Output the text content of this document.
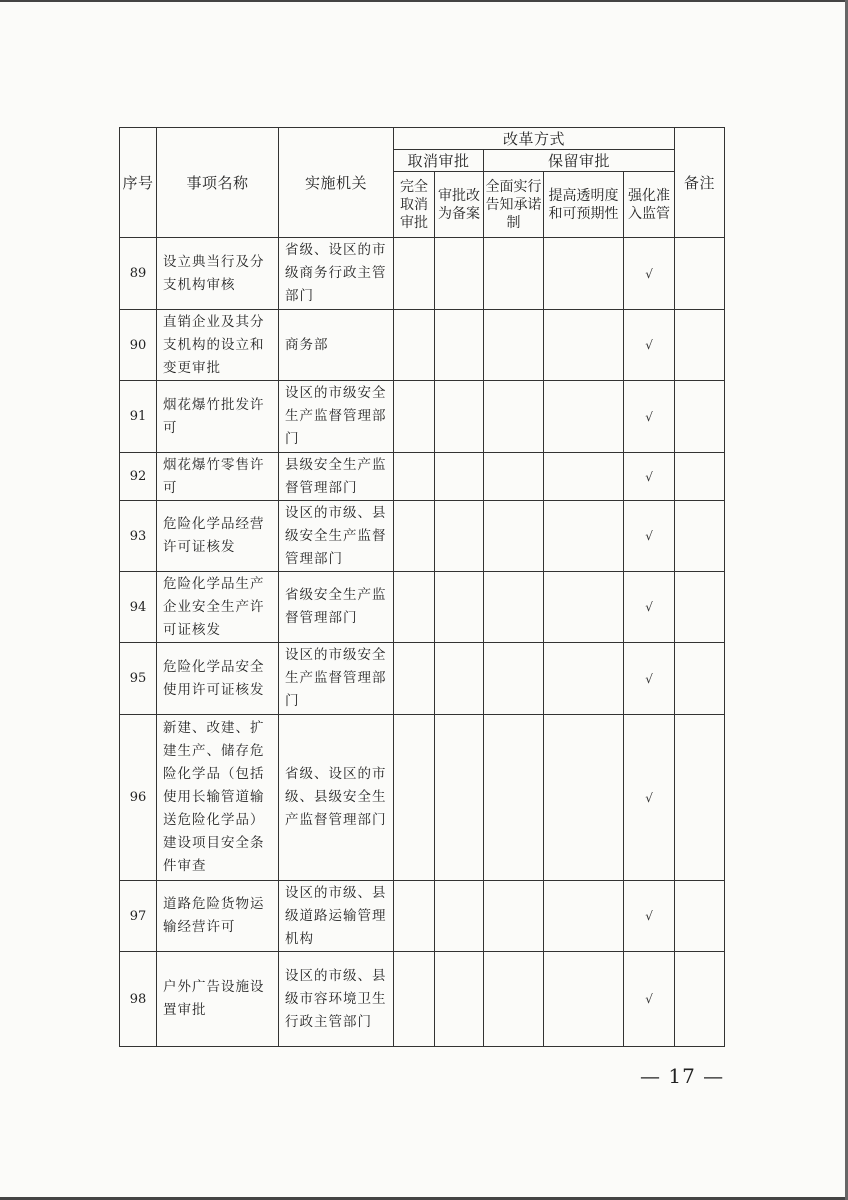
序号	事项名称	实施机关	改革方式					备注
			取消审批		保留审批			
			完全取消审批	审批改为备案	全面实行告知承诺制	提高透明度和可预期性	强化准入监管	

89	设立典当行及分支机构审核	省级、设区的市级商务行政主管部门					√	
90	直销企业及其分支机构的设立和变更审批	商务部					√	
91	烟花爆竹批发许可	设区的市级安全生产监督管理部门					√	
92	烟花爆竹零售许可	县级安全生产监督管理部门					√	
93	危险化学品经营许可证核发	设区的市级、县级安全生产监督管理部门					√	
94	危险化学品生产企业安全生产许可证核发	省级安全生产监督管理部门					√	
95	危险化学品安全使用许可证核发	设区的市级安全生产监督管理部门					√	
96	新建、改建、扩建生产、储存危险化学品（包括使用长输管道输送危险化学品）建设项目安全条件审查	省级、设区的市级、县级安全生产监督管理部门					√	
97	道路危险货物运输经营许可	设区的市级、县级道路运输管理机构					√	
98	户外广告设施设置审批	设区的市级、县级市容环境卫生行政主管部门					√	
— 17 —
